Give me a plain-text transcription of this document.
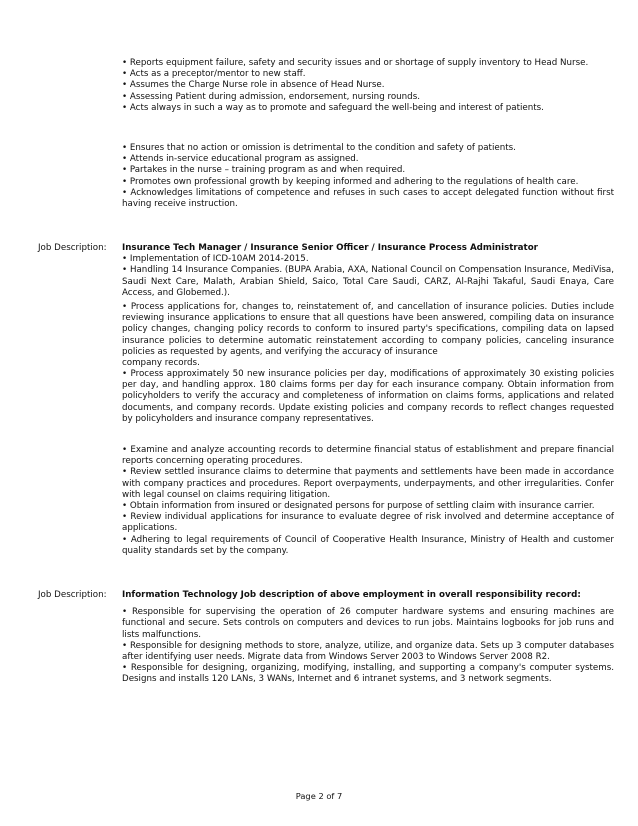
• Reports equipment failure, safety and security issues and or shortage of supply inventory to Head Nurse.

• Acts as a preceptor/mentor to new staff.

• Assumes the Charge Nurse role in absence of Head Nurse.

• Assessing Patient during admission, endorsement, nursing rounds.

• Acts always in such a way as to promote and safeguard the well-being and interest of patients.

• Ensures that no action or omission is detrimental to the condition and safety of patients.

• Attends in-service educational program as assigned.

• Partakes in the nurse – training program as and when required.

• Promotes own professional growth by keeping informed and adhering to the regulations of health care.

• Acknowledges limitations of competence and refuses in such cases to accept delegated function without first having receive instruction.

Job Description: Insurance Tech Manager / Insurance Senior Officer / Insurance Process Administrator

• Implementation of ICD-10AM 2014-2015.

• Handling 14 Insurance Companies. (BUPA Arabia, AXA, National Council on Compensation Insurance, MediVisa, Saudi Next Care, Malath, Arabian Shield, Saico, Total Care Saudi, CARZ, Al-Rajhi Takaful, Saudi Enaya, Care Access, and Globemed.).

• Process applications for, changes to, reinstatement of, and cancellation of insurance policies. Duties include reviewing insurance applications to ensure that all questions have been answered, compiling data on insurance policy changes, changing policy records to conform to insured party's specifications, compiling data on lapsed insurance policies to determine automatic reinstatement according to company policies, canceling insurance policies as requested by agents, and verifying the accuracy of insurance

company records.

• Process approximately 50 new insurance policies per day, modifications of approximately 30 existing policies per day, and handling approx. 180 claims forms per day for each insurance company. Obtain information from policyholders to verify the accuracy and completeness of information on claims forms, applications and related documents, and company records. Update existing policies and company records to reflect changes requested by policyholders and insurance company representatives.

• Examine and analyze accounting records to determine financial status of establishment and prepare financial reports concerning operating procedures.

• Review settled insurance claims to determine that payments and settlements have been made in accordance with company practices and procedures. Report overpayments, underpayments, and other irregularities. Confer with legal counsel on claims requiring litigation.

• Obtain information from insured or designated persons for purpose of settling claim with insurance carrier.

• Review individual applications for insurance to evaluate degree of risk involved and determine acceptance of applications.

• Adhering to legal requirements of Council of Cooperative Health Insurance, Ministry of Health and customer quality standards set by the company.

Job Description: Information Technology Job description of above employment in overall responsibility record:

• Responsible for supervising the operation of 26 computer hardware systems and ensuring machines are functional and secure. Sets controls on computers and devices to run jobs. Maintains logbooks for job runs and lists malfunctions.

• Responsible for designing methods to store, analyze, utilize, and organize data. Sets up 3 computer databases after identifying user needs. Migrate data from Windows Server 2003 to Windows Server 2008 R2.

• Responsible for designing, organizing, modifying, installing, and supporting a company's computer systems. Designs and installs 120 LANs, 3 WANs, Internet and 6 intranet systems, and 3 network segments.

Page 2 of 7
